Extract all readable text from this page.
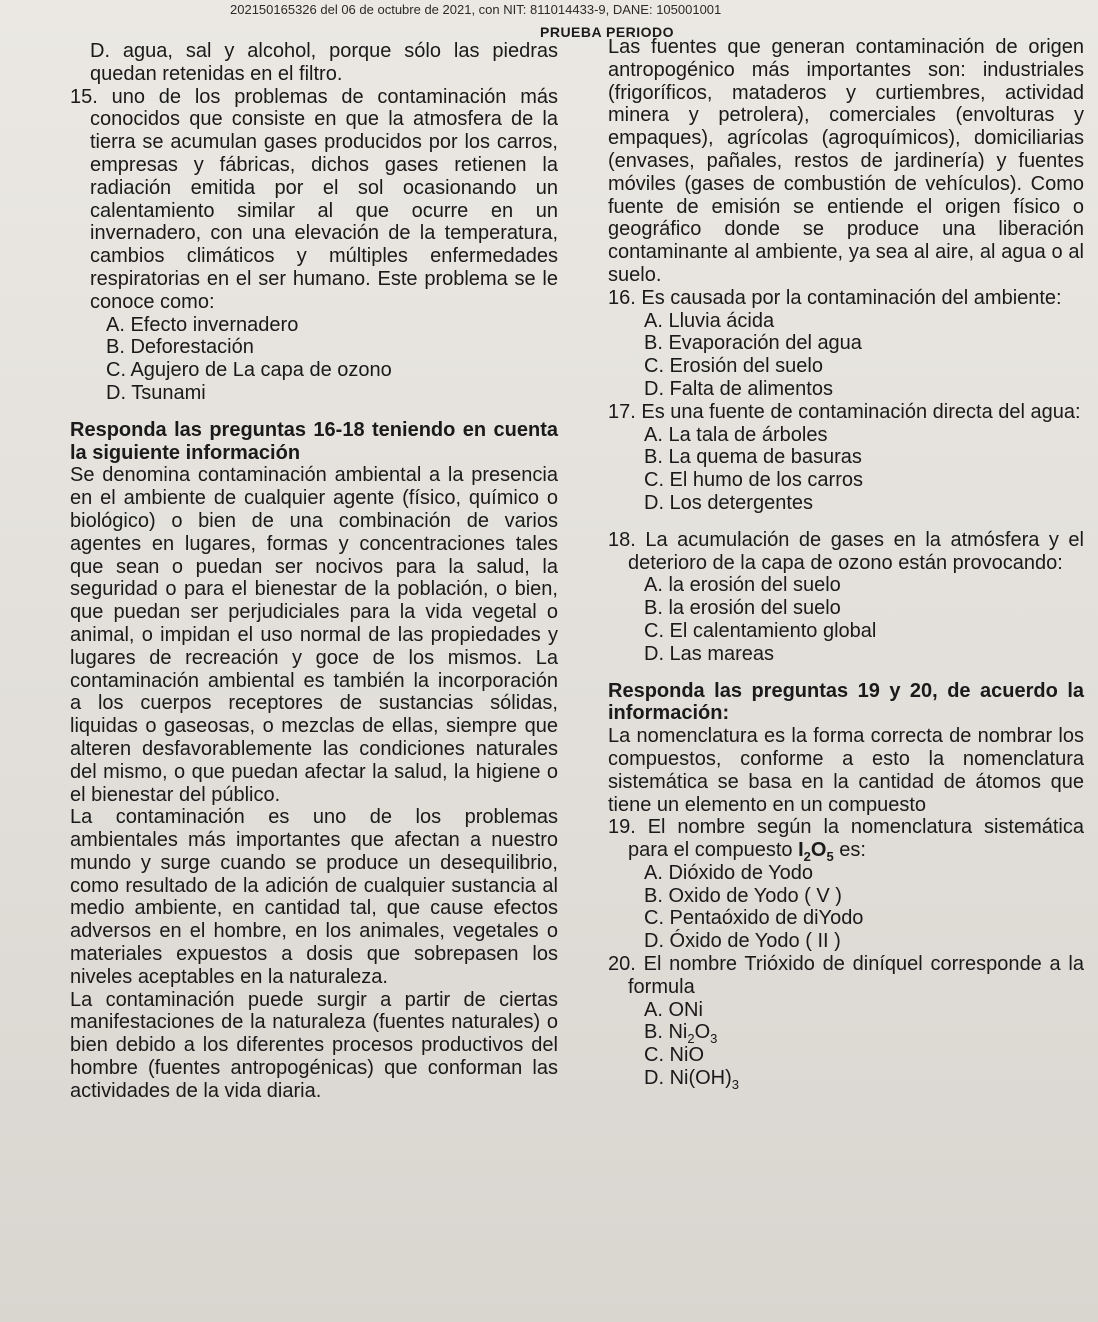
202150165326 del 06 de octubre de 2021, con NIT: 811014433-9, DANE: 105001001
PRUEBA PERIODO

D. agua, sal y alcohol, porque sólo las piedras quedan retenidas en el filtro.

15. uno de los problemas de contaminación más conocidos que consiste en que la atmosfera de la tierra se acumulan gases producidos por los carros, empresas y fábricas, dichos gases retienen la radiación emitida por el sol ocasionando un calentamiento similar al que ocurre en un invernadero, con una elevación de la temperatura, cambios climáticos y múltiples enfermedades respiratorias en el ser humano. Este problema se le conoce como:

A. Efecto invernadero

B. Deforestación

C. Agujero de La capa de ozono

D. Tsunami

Responda las preguntas 16-18 teniendo en cuenta la siguiente información

Se denomina contaminación ambiental a la presencia en el ambiente de cualquier agente (físico, químico o biológico) o bien de una combinación de varios agentes en lugares, formas y concentraciones tales que sean o puedan ser nocivos para la salud, la seguridad o para el bienestar de la población, o bien, que puedan ser perjudiciales para la vida vegetal o animal, o impidan el uso normal de las propiedades y lugares de recreación y goce de los mismos. La contaminación ambiental es también la incorporación a los cuerpos receptores de sustancias sólidas, liquidas o gaseosas, o mezclas de ellas, siempre que alteren desfavorablemente las condiciones naturales del mismo, o que puedan afectar la salud, la higiene o el bienestar del público.

La contaminación es uno de los problemas ambientales más importantes que afectan a nuestro mundo y surge cuando se produce un desequilibrio, como resultado de la adición de cualquier sustancia al medio ambiente, en cantidad tal, que cause efectos adversos en el hombre, en los animales, vegetales o materiales expuestos a dosis que sobrepasen los niveles aceptables en la naturaleza.

La contaminación puede surgir a partir de ciertas manifestaciones de la naturaleza (fuentes naturales) o bien debido a los diferentes procesos productivos del hombre (fuentes antropogénicas) que conforman las actividades de la vida diaria.

Las fuentes que generan contaminación de origen antropogénico más importantes son: industriales (frigoríficos, mataderos y curtiembres, actividad minera y petrolera), comerciales (envolturas y empaques), agrícolas (agroquímicos), domiciliarias (envases, pañales, restos de jardinería) y fuentes móviles (gases de combustión de vehículos). Como fuente de emisión se entiende el origen físico o geográfico donde se produce una liberación contaminante al ambiente, ya sea al aire, al agua o al suelo.

16. Es causada por la contaminación del ambiente:

A. Lluvia ácida

B. Evaporación del agua

C. Erosión del suelo

D. Falta de alimentos

17. Es una fuente de contaminación directa del agua:

A. La tala de árboles

B. La quema de basuras

C. El humo de los carros

D. Los detergentes

18. La acumulación de gases en la atmósfera y el deterioro de la capa de ozono están provocando:

A. la erosión del suelo

B. la erosión del suelo

C. El calentamiento global

D. Las mareas

Responda las preguntas 19 y 20, de acuerdo la información:

La nomenclatura es la forma correcta de nombrar los compuestos, conforme a esto la nomenclatura sistemática se basa en la cantidad de átomos que tiene un elemento en un compuesto

19. El nombre según la nomenclatura sistemática para el compuesto $I_2O_5$ es:

A. Dióxido de Yodo

B. Oxido de Yodo ( V )

C. Pentaóxido de diYodo

D. Óxido de Yodo ( II )

20. El nombre Trióxido de diníquel corresponde a la formula

A. ONi

B. $Ni_2O_3$

C. NiO

D. $Ni(OH)_3$
